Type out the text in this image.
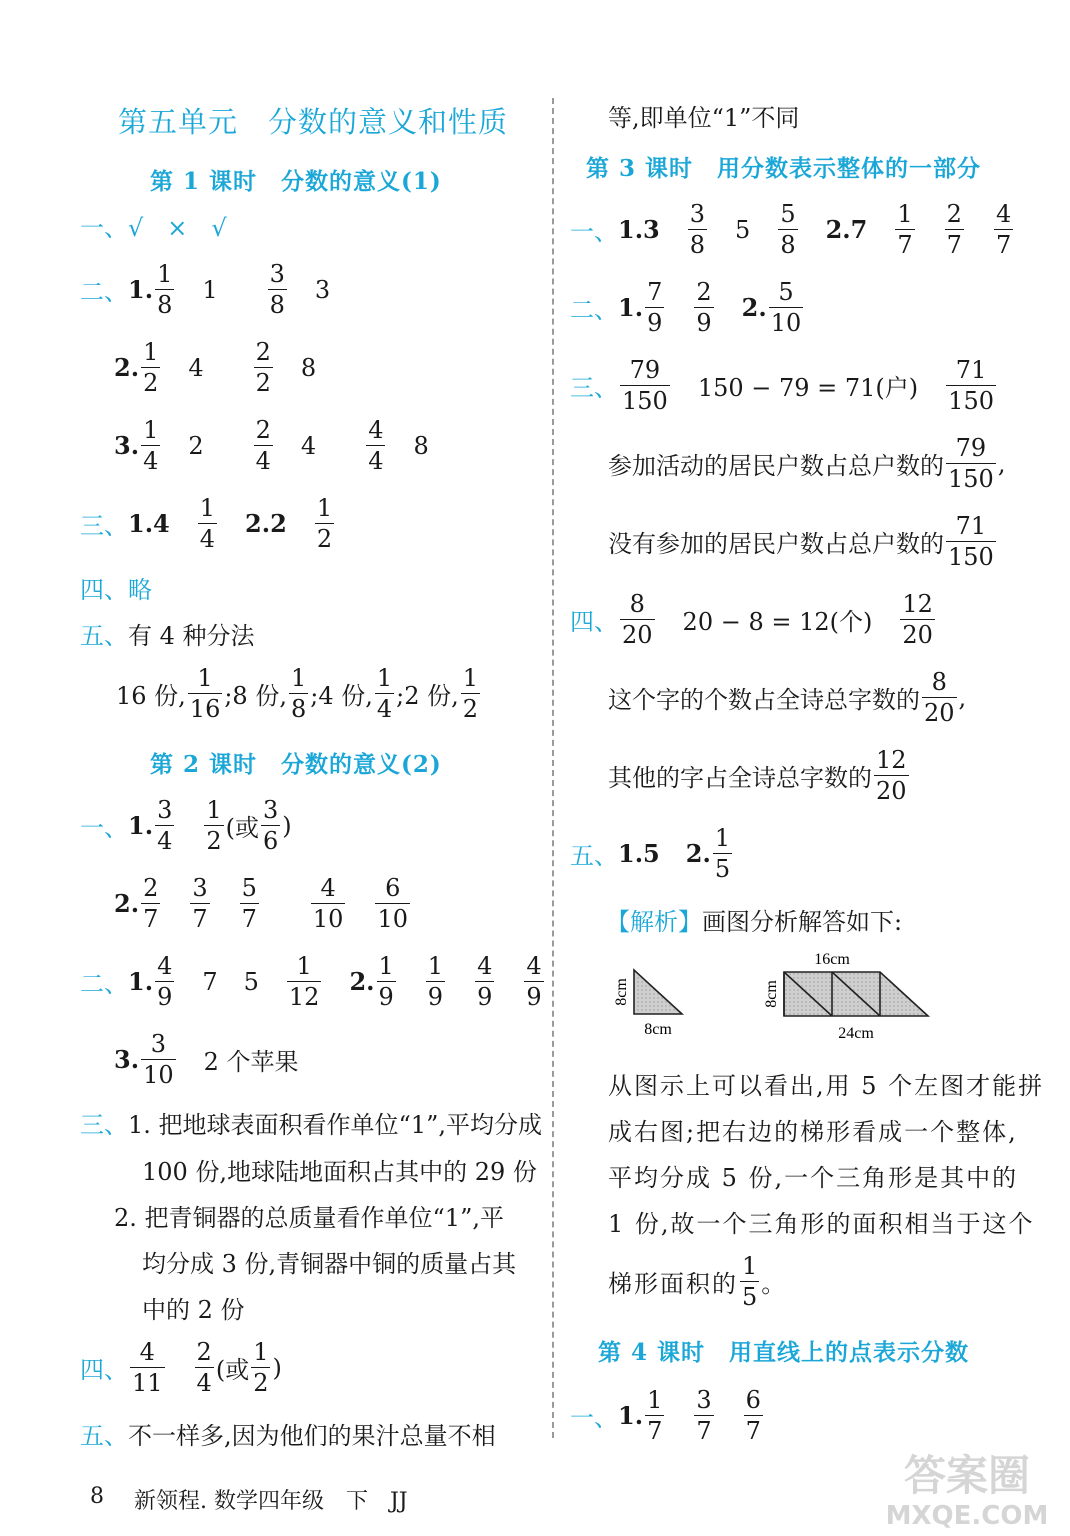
第五单元　分数的意义和性质
第 1 课时　分数的意义(1)
一、√　×　√
二、 1. $\frac{1}{8} 1 \frac{3}{8} 3$
2. $\frac{1}{2} 4 \frac{2}{2} 8$
3. $\frac{1}{4} 2 \frac{2}{4} 4 \frac{4}{4} 8$
三、 $1.4 \frac{1}{4} 2.2 \frac{1}{2}$
四、略
五、有 4 种分法
16 份, $\frac{1}{16}$ ;8 份, $\frac{1}{8}$ ;4 份, $\frac{1}{4}$ ;2 份, $\frac{1}{2}$
第 2 课时　分数的意义(2)
一、 1. $\frac{3}{4} \frac{1}{2}$ (或 $\frac{3}{6}$ )
2. $\frac{2}{7} \frac{3}{7} \frac{5}{7} \frac{4}{10} \frac{6}{10}$
二、 1. $\frac{4}{9} 7$ $5 \frac{1}{12} 2$. $\frac{1}{9} \frac{1}{9} \frac{4}{9} \frac{4}{9}$
3. $\frac{3}{10} 2$ 个苹果
三、1. 把地球表面积看作单位“1”,平均分成
100 份,地球陆地面积占其中的 29 份
2. 把青铜器的总质量看作单位“1”,平
均分成 3 份,青铜器中铜的质量占其
中的 2 份
四、 $\frac{4}{11} \frac{2}{4}$ (或 $\frac{1}{2}$ )
五、不一样多,因为他们的果汁总量不相
等,即单位“1”不同
第 3 课时　用分数表示整体的一部分
一、 $1.3 \frac{3}{8} 5 \frac{5}{8} 2.7 \frac{1}{7} \frac{2}{7} \frac{4}{7}$
二、 1. $\frac{7}{9} \frac{2}{9} 2$. $\frac{5}{10}$
三、 $\frac{79}{150} 150 - 79 = 71$(户) $\frac{71}{150}$
参加活动的居民户数占总户数的 $\frac{79}{150}$ ,
没有参加的居民户数占总户数的 $\frac{71}{150}$
四、 $\frac{8}{20} 20 - 8 = 12$(个) $\frac{12}{20}$
这个字的个数占全诗总字数的 $\frac{8}{20}$ ,
其他的字占全诗总字数的 $\frac{12}{20}$
五、 1.5 2. $\frac{1}{5}$
【解析】画图分析解答如下:
8cm
8cm
16cm
8cm
24cm
从图示上可以看出,用 5 个左图才能拼
成右图;把右边的梯形看成一个整体,
平均分成 5 份,一个三角形是其中的
1 份,故一个三角形的面积相当于这个
梯形面积的 $\frac{1}{5}$ 。
第 4 课时　用直线上的点表示分数
一、 1. $\frac{1}{7} \frac{3}{7} \frac{6}{7}$
8 新领程. 数学四年级　下　JJ
答案圈
MXQE.COM
